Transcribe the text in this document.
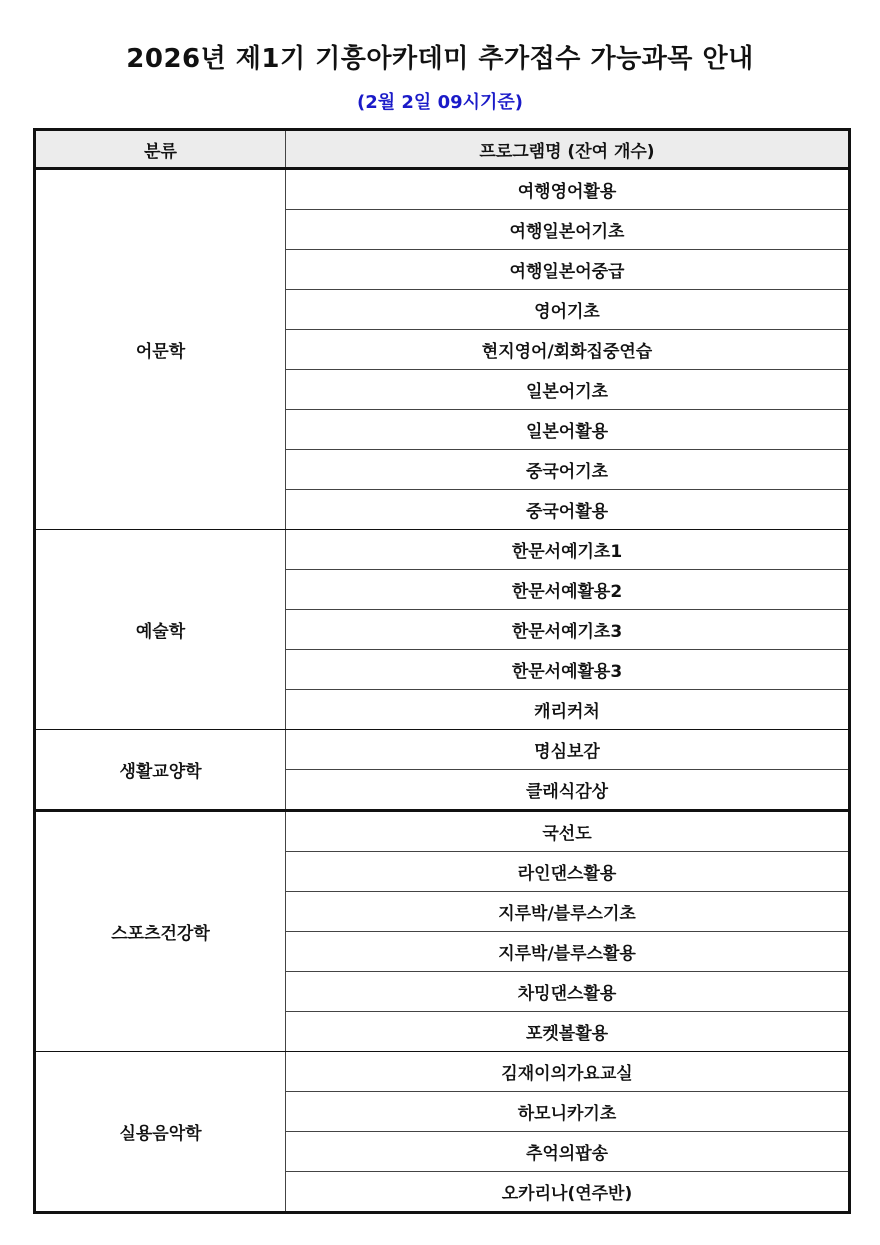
2026년 제1기 기흥아카데미 추가접수 가능과목 안내
(2월 2일 09시기준)
분류	프로그램명 (잔여 개수)
어문학	여행영어활용
	여행일본어기초
	여행일본어중급
	영어기초
	현지영어/회화집중연습
	일본어기초
	일본어활용
	중국어기초
	중국어활용
예술학	한문서예기초1
	한문서예활용2
	한문서예기초3
	한문서예활용3
	캐리커처
생활교양학	명심보감
	클래식감상
스포츠건강학	국선도
	라인댄스활용
	지루박/블루스기초
	지루박/블루스활용
	차밍댄스활용
	포켓볼활용
실용음악학	김재이의가요교실
	하모니카기초
	추억의팝송
	오카리나(연주반)
